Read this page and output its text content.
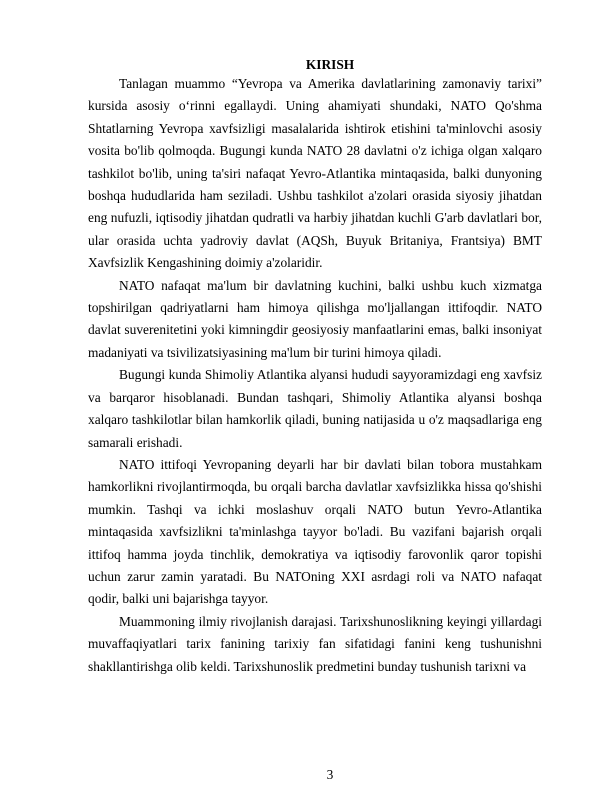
KIRISH

Tanlagan muammo “Yevropa va Amerika davlatlarining zamonaviy tarixi” kursida asosiy o‘rinni egallaydi. Uning ahamiyati shundaki, NATO Qo'shma Shtatlarning Yevropa xavfsizligi masalalarida ishtirok etishini ta'minlovchi asosiy vosita bo'lib qolmoqda. Bugungi kunda NATO 28 davlatni o'z ichiga olgan xalqaro tashkilot bo'lib, uning ta'siri nafaqat Yevro-Atlantika mintaqasida, balki dunyoning boshqa hududlarida ham seziladi. Ushbu tashkilot a'zolari orasida siyosiy jihatdan eng nufuzli, iqtisodiy jihatdan qudratli va harbiy jihatdan kuchli G'arb davlatlari bor, ular orasida uchta yadroviy davlat (AQSh, Buyuk Britaniya, Frantsiya) BMT Xavfsizlik Kengashining doimiy a'zolaridir.

NATO nafaqat ma'lum bir davlatning kuchini, balki ushbu kuch xizmatga topshirilgan qadriyatlarni ham himoya qilishga mo'ljallangan ittifoqdir. NATO davlat suverenitetini yoki kimningdir geosiyosiy manfaatlarini emas, balki insoniyat madaniyati va tsivilizatsiyasining ma'lum bir turini himoya qiladi.

Bugungi kunda Shimoliy Atlantika alyansi hududi sayyoramizdagi eng xavfsiz va barqaror hisoblanadi. Bundan tashqari, Shimoliy Atlantika alyansi boshqa xalqaro tashkilotlar bilan hamkorlik qiladi, buning natijasida u o'z maqsadlariga eng samarali erishadi.

NATO ittifoqi Yevropaning deyarli har bir davlati bilan tobora mustahkam hamkorlikni rivojlantirmoqda, bu orqali barcha davlatlar xavfsizlikka hissa qo'shishi mumkin. Tashqi va ichki moslashuv orqali NATO butun Yevro-Atlantika mintaqasida xavfsizlikni ta'minlashga tayyor bo'ladi. Bu vazifani bajarish orqali ittifoq hamma joyda tinchlik, demokratiya va iqtisodiy farovonlik qaror topishi uchun zarur zamin yaratadi. Bu NATOning XXI asrdagi roli va NATO nafaqat qodir, balki uni bajarishga tayyor.

Muammoning ilmiy rivojlanish darajasi. Tarixshunoslikning keyingi yillardagi muvaffaqiyatlari tarix fanining tarixiy fan sifatidagi fanini keng tushunishni shakllantirishga olib keldi. Tarixshunoslik predmetini bunday tushunish tarixni va

3
